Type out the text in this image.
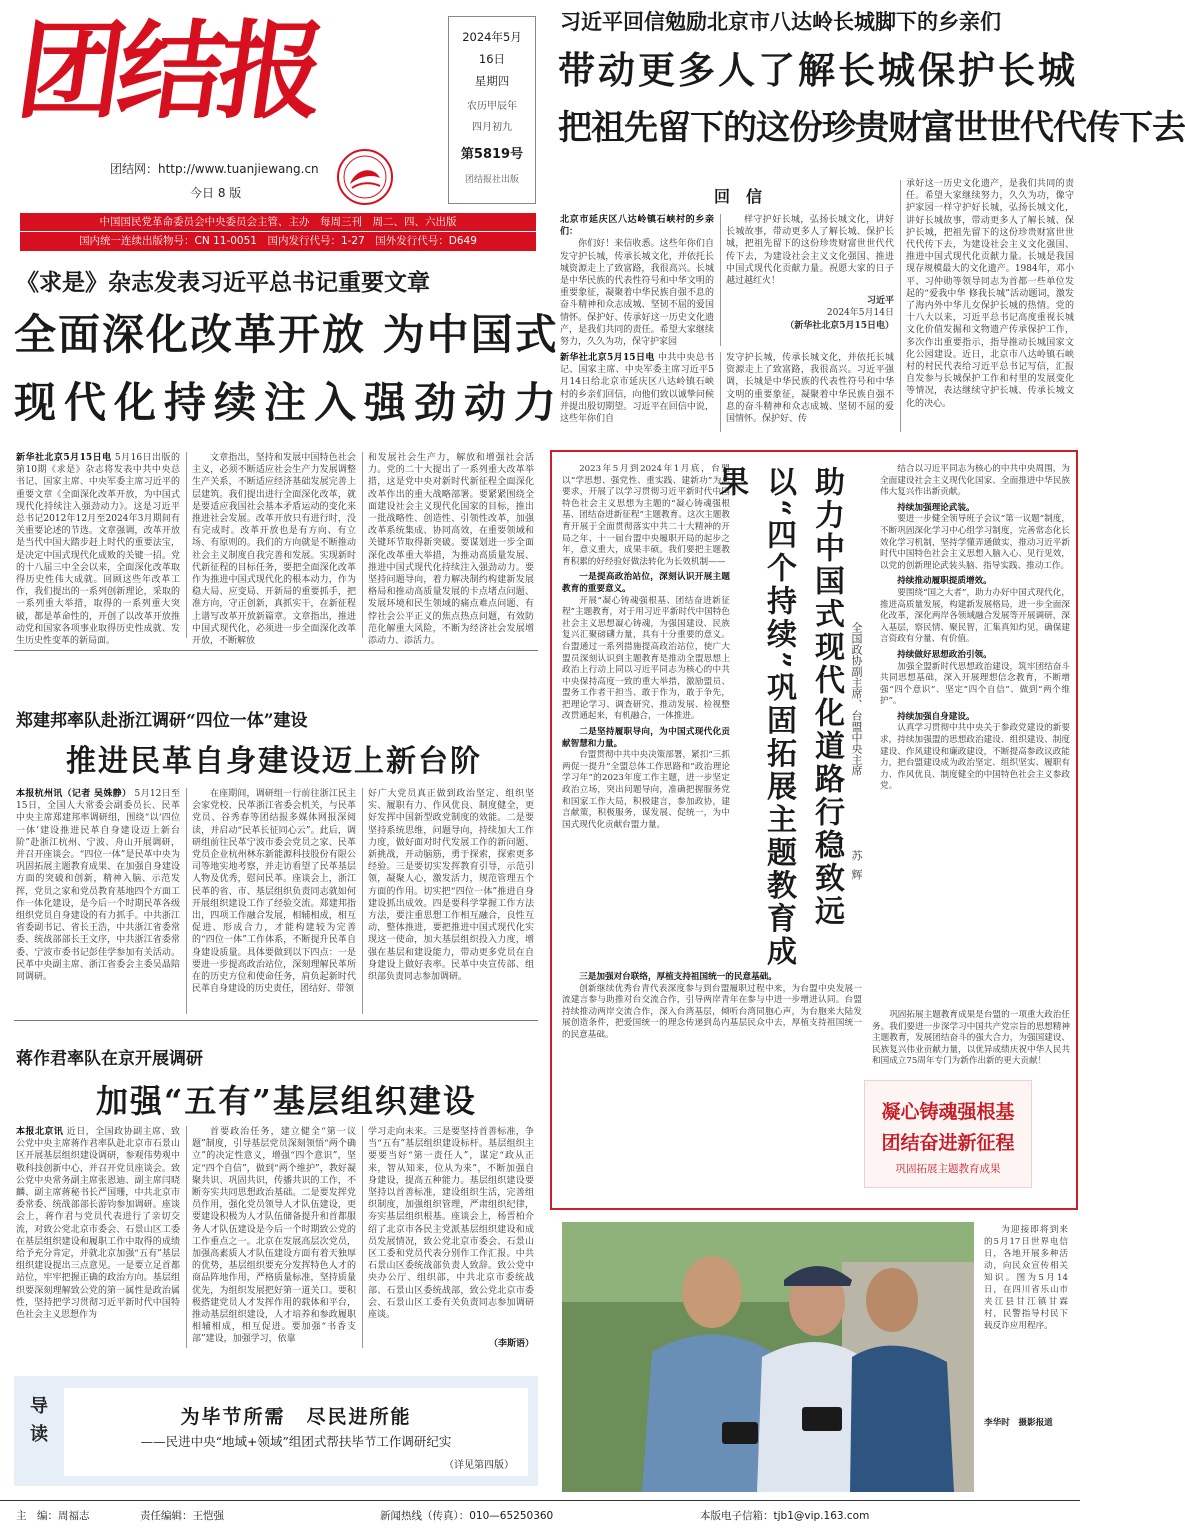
团结报
团结网：http://www.tuanjiewang.cn
今日 8 版
2024年5月
16日
星期四
农历甲辰年
四月初九
第5819号
团结报社出版
中国国民党革命委员会中央委员会主管、主办　每周三刊　周二、四、六出版
国内统一连续出版物号：CN 11-0051　国内发行代号：1-27　国外发行代号：D649
习近平回信勉励北京市八达岭长城脚下的乡亲们
带动更多人了解长城保护长城
把祖先留下的这份珍贵财富世世代代传下去
回　信
北京市延庆区八达岭镇石峡村的乡亲们：
你们好！来信收悉。这些年你们自发守护长城，传承长城文化，并依托长城资源走上了致富路，我很高兴。长城是中华民族的代表性符号和中华文明的重要象征，凝聚着中华民族自强不息的奋斗精神和众志成城、坚韧不屈的爱国情怀。保护好、传承好这一历史文化遗产，是我们共同的责任。希望大家继续努力，久久为功，保守护家园
样守护好长城，弘扬长城文化，讲好长城故事，带动更多人了解长城、保护长城，把祖先留下的这份珍贵财富世世代代传下去，为建设社会主义文化强国、推进中国式现代化贡献力量。祝愿大家的日子越过越红火！
习近平
2024年5月14日
（新华社北京5月15日电）
新华社北京5月15日电 中共中央总书记、国家主席、中央军委主席习近平5月14日给北京市延庆区八达岭镇石峡村的乡亲们回信，向他们致以诚挚问候并提出殷切期望。习近平在回信中说，这些年你们自
发守护长城，传承长城文化，并依托长城资源走上了致富路，我很高兴。习近平强调，长城是中华民族的代表性符号和中华文明的重要象征，凝聚着中华民族自强不息的奋斗精神和众志成城、坚韧不屈的爱国情怀。保护好、传
承好这一历史文化遗产，是我们共同的责任。希望大家继续努力，久久为功，像守护家园一样守护好长城，弘扬长城文化，讲好长城故事，带动更多人了解长城、保护长城，把祖先留下的这份珍贵财富世世代代传下去，为建设社会主义文化强国、推进中国式现代化贡献力量。长城是我国现存规模最大的文化遗产。1984年，邓小平、习仲勋等领导同志为首都一些单位发起的“爱我中华 修我长城”活动题词，激发了海内外中华儿女保护长城的热情。党的十八大以来，习近平总书记高度重视长城文化价值发掘和文物遗产传承保护工作，多次作出重要指示，指导推动长城国家文化公园建设。近日，北京市八达岭镇石峡村的村民代表给习近平总书记写信，汇报自发参与长城保护工作和村里的发展变化等情况，表达继续守护长城、传承长城文化的决心。
《求是》杂志发表习近平总书记重要文章
全面深化改革开放 为中国式
现代化持续注入强劲动力
新华社北京5月15日电 5月16日出版的第10期《求是》杂志将发表中共中央总书记、国家主席、中央军委主席习近平的重要文章《全面深化改革开放，为中国式现代化持续注入强劲动力》。这是习近平总书记2012年12月至2024年3月期间有关重要论述的节选。文章强调，改革开放是当代中国大踏步赶上时代的重要法宝，是决定中国式现代化成败的关键一招。党的十八届三中全会以来，全面深化改革取得历史性伟大成就。回顾这些年改革工作，我们提出的一系列创新理论，采取的一系列重大举措，取得的一系列重大突破，都是革命性的，开创了以改革开放推动党和国家各项事业取得历史性成就、发生历史性变革的新局面。
文章指出，坚持和发展中国特色社会主义，必须不断适应社会生产力发展调整生产关系，不断适应经济基础发展完善上层建筑。我们提出进行全面深化改革，就是要适应我国社会基本矛盾运动的变化来推进社会发展。改革开放只有进行时，没有完成时。改革开放也是有方向、有立场、有原则的。我们的方向就是不断推动社会主义制度自我完善和发展。实现新时代新征程的目标任务，要把全面深化改革作为推进中国式现代化的根本动力，作为稳大局、应变局、开新局的重要抓手，把准方向，守正创新，真抓实干，在新征程上谱写改革开放新篇章。文章指出，推进中国式现代化，必须进一步全面深化改革开放，不断解放
和发展社会生产力，解放和增强社会活力。党的二十大提出了一系列重大改革举措，这是党中央对新时代新征程全面深化改革作出的重大战略部署。要紧紧围绕全面建设社会主义现代化国家的目标，推出一批战略性、创造性、引领性改革，加强改革系统集成、协同高效，在重要领域和关键环节取得新突破。要谋划进一步全面深化改革重大举措，为推动高质量发展、推进中国式现代化持续注入强劲动力。要坚持问题导向，着力解决制约构建新发展格局和推动高质量发展的卡点堵点问题、发展环境和民生领域的痛点难点问题、有悖社会公平正义的焦点热点问题，有效防范化解重大风险，不断为经济社会发展增添动力、添活力。
郑建邦率队赴浙江调研“四位一体”建设
推进民革自身建设迈上新台阶
本报杭州讯（记者 吴姝静） 5月12日至15日，全国人大常委会副委员长、民革中央主席郑建邦率调研组，围绕“以‘四位一体’建设推进民革自身建设迈上新台阶”赴浙江杭州、宁波、舟山开展调研，并召开座谈会。“四位一体”是民革中央为巩固拓展主题教育成果、在加强自身建设方面的突破和创新，精神入脑、示范发挥，党员之家和党员教育基地四个方面工作一体化建设，是今后一个时期民革各级组织党员自身建设的有力抓手。中共浙江省委副书记、省长王浩，中共浙江省委常委、统战部部长王文序，中共浙江省委常委、宁波市委书记彭佳学参加有关活动。民革中央副主席、浙江省委会主委吴晶陪同调研。
在座期间，调研组一行前往浙江民主会家党校、民革浙江省委会机关，与民革党员、谷秀春等团结报多媒体网报深阅读，并启动“民革长征同心云”。此后，调研组前往民革宁波市委会党员之家、民革党员企业杭州林东新能源科技股份有限公司等地实地考察，并走访看望了民革基层人物及优秀，慰问民革。座谈会上，浙江民革的省、市、基层组织负责同志就如何开展组织建设工作了经验交流。郑建邦指出，四项工作融合发展，相辅相成，相互促进、形成合力，才能构建较为完善的“四位一体”工作体系，不断提升民革自身建设质量。具体要做到以下四点：一是要进一步提高政治站位，深刻理解民革所在的历史方位和使命任务，肩负起新时代民革自身建设的历史责任，团结好、带领
好广大党员真正做到政治坚定、组织坚实、履职有力、作风优良、制度健全，更好发挥中国新型政党制度的效能。二是要坚持系统思维，问题导向，持续加大工作力度，做好面对时代发展工作的新问题、新挑战，开动脑筋，勇于探索，探索更多经验。三是要切实发挥教育引导，示范引领，凝聚人心，激发活力，规范管理五个方面的作用。切实把“四位一体”推进自身建设抓出成效。四是要科学掌握工作方法方法，要注重思想工作相互融合，良性互动，整体推进，要把推进中国式现代化实现这一使命，加大基层组织投入力度，增强在基层和建设能力，带动更多党员在自身建设上做好表率。民革中央宣传部、组织部负责同志参加调研。
蒋作君率队在京开展调研
加强“五有”基层组织建设
本报北京讯 近日，全国政协副主席、致公党中央主席蒋作君率队赴北京市石景山区开展基层组织建设调研，参观伟势观中敬科技创新中心，并召开党员座谈会。致公党中央常务副主席张恩迪、副主席闫晓麟、副主席蒋秘书长严国珊，中共北京市委常委、统战部部长游钧参加调研。座谈会上，蒋作君与党员代表进行了亲切交流，对致公党北京市委会、石景山区工委在基层组织建设和履职工作中取得的成绩给予充分肯定，并就北京加强“五有”基层组织建设提出三点意见。一是要立足首都站位，牢牢把握正确的政治方向。基层组织要深刻理解致公党的第一属性是政治属性，坚持把学习贯彻习近平新时代中国特色社会主义思想作为
首要政治任务，建立健全“第一议题”制度，引导基层党员深刻领悟“两个确立”的决定性意义，增强“四个意识”，坚定“四个自信”，做到“两个维护”，教好凝聚共识、巩固共识，传播共识的工作，不断夯实共同思想政治基础。二是要发挥党员作用，强化党员领导人才队伍建设，更要建设积极为人才队伍储备提升和首都服务人才队伍建设是今后一个时期致公党的工作重点之一。北京在发展高层次党员，加强高素质人才队伍建设方面有着天独厚的优势，基层组织要充分发挥特色人才的商品阵地作用，严格质量标准，坚持质量优先，为组织发展把好第一道关口。要积极搭建党员人才发挥作用的载体和平台，推动基层组织建设，人才培养和参政履职相辅相成，相互促进。要加强“书香支部”建设，加强学习，依靠
学习走向未来。三是要坚持首善标准，争当“五有”基层组织建设标杆。基层组织主要要当好“第一责任人”，谋定“政从正来，智从知来，位从为来”，不断加强自身建设，提高五种能力。基层组织建设要坚持以首善标准，建设组织生活，完善组织制度，加强组织管理，严肃组织纪律，夯实基层组织根基。座谈会上，杨晋柏介绍了北京市各民主党派基层组织建设和成员发展情况，致公党北京市委会、石景山区工委和党员代表分别作工作汇报。中共石景山区委统战部负责人致辞。致公党中央办公厅、组织部，中共北京市委统战部、石景山区委统战部，致公党北京市委会、石景山区工委有关负责同志参加调研座谈。
（李斯语）
导读	为毕节所需　尽民进所能
——民进中央“地域+领域”组团式帮扶毕节工作调研纪实
（详见第四版）
2023年5月到2024年1月底，台盟以“学思想、强党性、重实践、建新功”为总要求，开展了以学习贯彻习近平新时代中国特色社会主义思想为主题的“凝心铸魂强根基、团结奋进新征程”主题教育。这次主题教育开展于全面贯彻落实中共二十大精神的开局之年、十一届台盟中央履职开局的起步之年，意义重大，成果丰硕。我们要把主题教育积累的好经验好做法转化为长效机制——
一是提高政治站位，深刻认识开展主题教育的重要意义。
开展“凝心铸魂强根基、团结奋进新征程”主题教育，对于用习近平新时代中国特色社会主义思想凝心铸魂，为强国建设、民族复兴汇聚磅礴力量，具有十分重要的意义。台盟通过一系列措施提高政治站位，使广大盟员深刻认识到主题教育是推动全盟思想上政治上行动上同以习近平同志为核心的中共中央保持高度一致的重大举措，激励盟员、盟务工作者干担当、敢于作为，敢于争先，把理论学习、调查研究、推动发展、检视整改贯通起来，有机融合，一体推进。
二是坚持履职导向，为中国式现代化贡献智慧和力量。
台盟贯彻中共中央决策部署，紧扣“三抓两促一提升”全盟总体工作思路和“政治理论学习年”的2023年度工作主题，进一步坚定政治立场，突出问题导向，准确把握服务党和国家工作大局，积极建言，参加政协，建言献策，积极服务，谋发展、促统一，为中国式现代化贡献台盟力量。	助力中国式现代化道路行稳致远 以“四个持续”巩固拓展主题教育成果
全国政协副主席、台盟中央主席
苏辉
结合以习近平同志为核心的中共中央周围，为全面建设社会主义现代化国家、全面推进中华民族伟大复兴作出新贡献。
持续加强理论武装。
要进一步健全领导班子会议“第一议题”制度，不断巩固深化学习中心组学习制度，完善常态化长效化学习机制，坚持学懂弄通做实，推动习近平新时代中国特色社会主义思想入脑入心、见行见效，以党的创新理论武装头脑、指导实践、推动工作。
持续推动履职提质增效。
要围绕“国之大者”，助力办好中国式现代化，推进高质量发展，构建新发展格局，进一步全面深化改革，深化两岸各领域融合发展等开展调研，深入基层，察民情、聚民智，汇集真知灼见，确保建言资政有分量、有价值。
持续做好思想政治引领。
加强全盟新时代思想政治建设，筑牢团结奋斗共同思想基础，深入开展理想信念教育，不断增强“四个意识”、坚定“四个自信”、做到“两个维护”。
持续加强自身建设。
认真学习贯彻中共中央关于参政党建设的新要求，持续加强盟的思想政治建设、组织建设、制度建设、作风建设和廉政建设，不断提高参政议政能力，把台盟建设成为政治坚定、组织坚实、履职有力、作风优良、制度健全的中国特色社会主义参政党。
三是加强对台联络，厚植支持祖国统一的民意基础。
创新继续优秀台青代表深度参与到台盟履职过程中来，为台盟中央发展一流建言参与助推对台交流合作，引导两岸青年在参与中进一步增进认同。台盟持续推动两岸交流合作，深入台湾基层，倾听台湾同胞心声，为台胞来大陆发展创造条件，把爱国统一的理念传递到岛内基层民众中去，厚植支持祖国统一的民意基础。
巩固拓展主题教育成果是台盟的一项重大政治任务。我们要进一步深学习中国共产党宗旨的思想精神主题教育，发展团结奋斗的强大合力，为强国建设、民族复兴伟业贡献力量，以优异成绩庆祝中华人民共和国成立75周年专门为新作出新的更大贡献！
凝心铸魂强根基
团结奋进新征程
巩固拓展主题教育成果
为迎接即将到来的5月17日世界电信日，各地开展多种活动，向民众宣传相关知识。图为5月14日，在四川省乐山市夹江县甘江镇甘霖村，民警指导村民下载反诈应用程序。
李华时　摄影报道
主　编：周福志	责任编辑：王恺强	新闻热线（传真）：010—65250360	本版电子信箱：tjb1@vip.163.com
